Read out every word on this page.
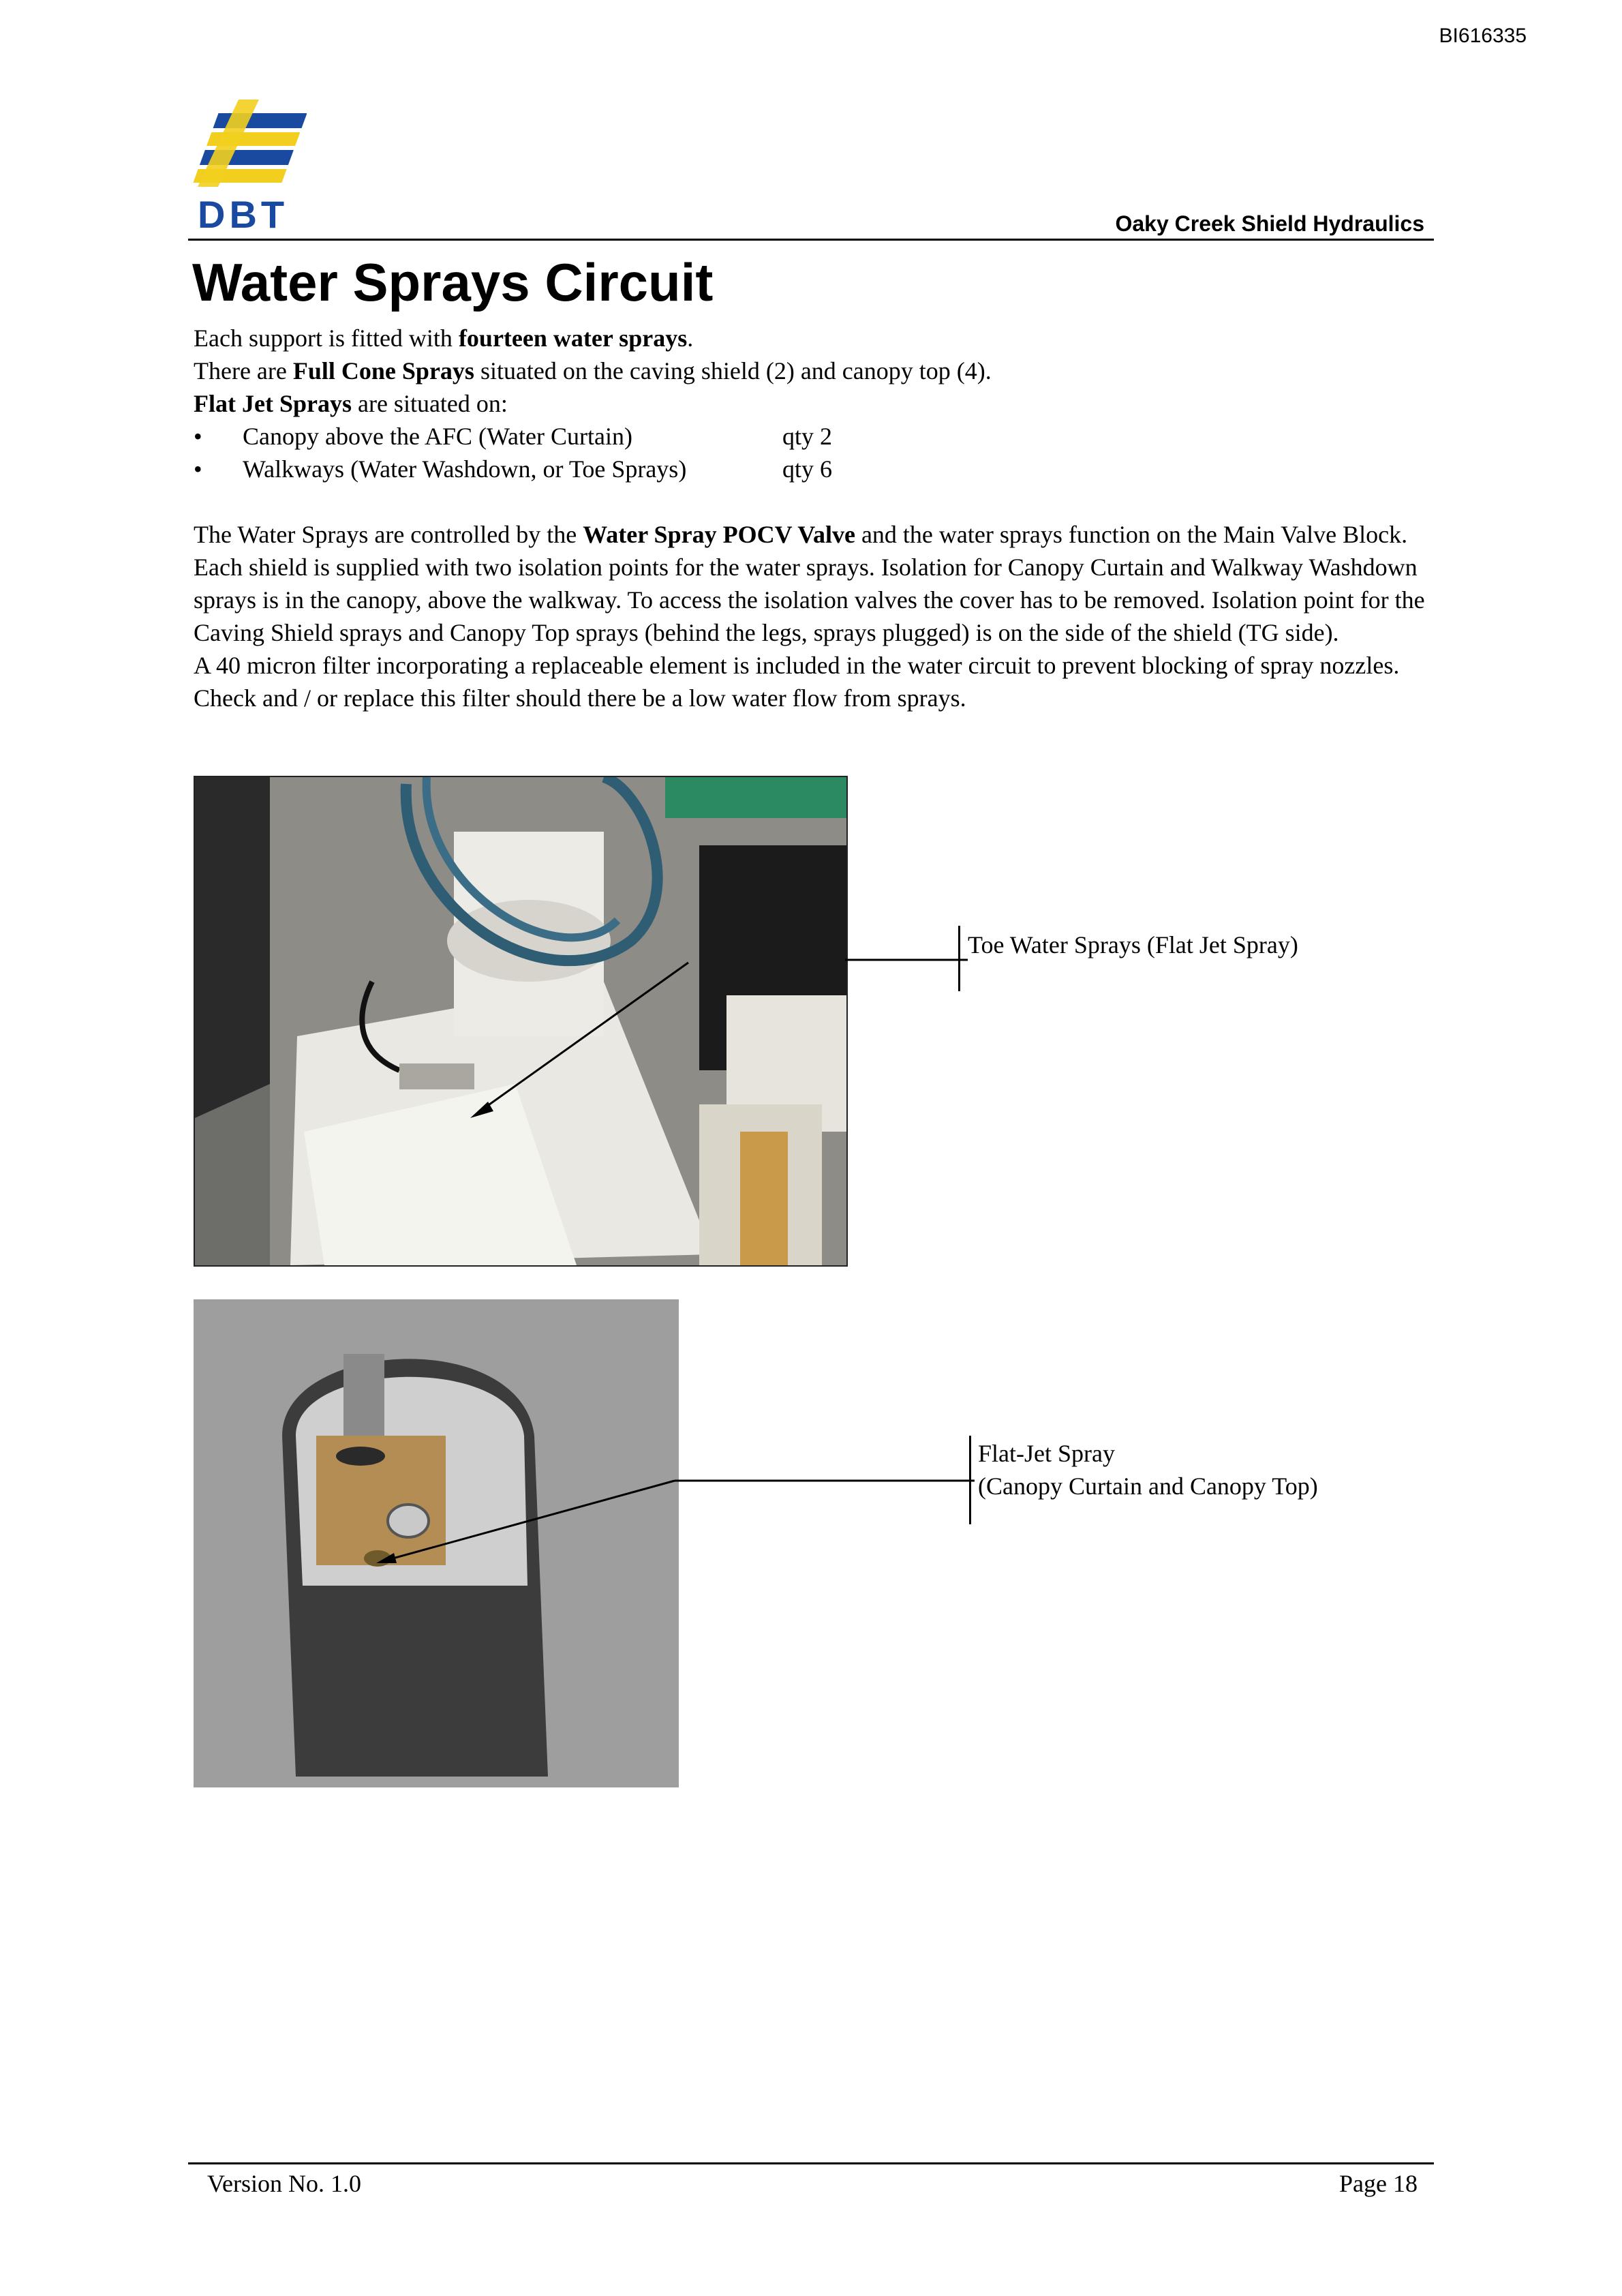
BI616335
DBT	Oaky Creek Shield Hydraulics
Water Sprays Circuit

Each support is fitted with fourteen water sprays.

There are Full Cone Sprays situated on the caving shield (2) and canopy top (4).

Flat Jet Sprays are situated on:

• Canopy above the AFC (Water Curtain)	qty 2
• Walkways (Water Washdown, or Toe Sprays)	qty 6

The Water Sprays are controlled by the Water Spray POCV Valve and the water sprays function on the Main Valve Block. Each shield is supplied with two isolation points for the water sprays. Isolation for Canopy Curtain and Walkway Washdown sprays is in the canopy, above the walkway. To access the isolation valves the cover has to be removed. Isolation point for the Caving Shield sprays and Canopy Top sprays (behind the legs, sprays plugged) is on the side of the shield (TG side).

A 40 micron filter incorporating a replaceable element is included in the water circuit to prevent blocking of spray nozzles. Check and / or replace this filter should there be a low water flow from sprays.

Toe Water Sprays (Flat Jet Spray)
Flat-Jet Spray
(Canopy Curtain and Canopy Top)
Version No. 1.0	Page 18
